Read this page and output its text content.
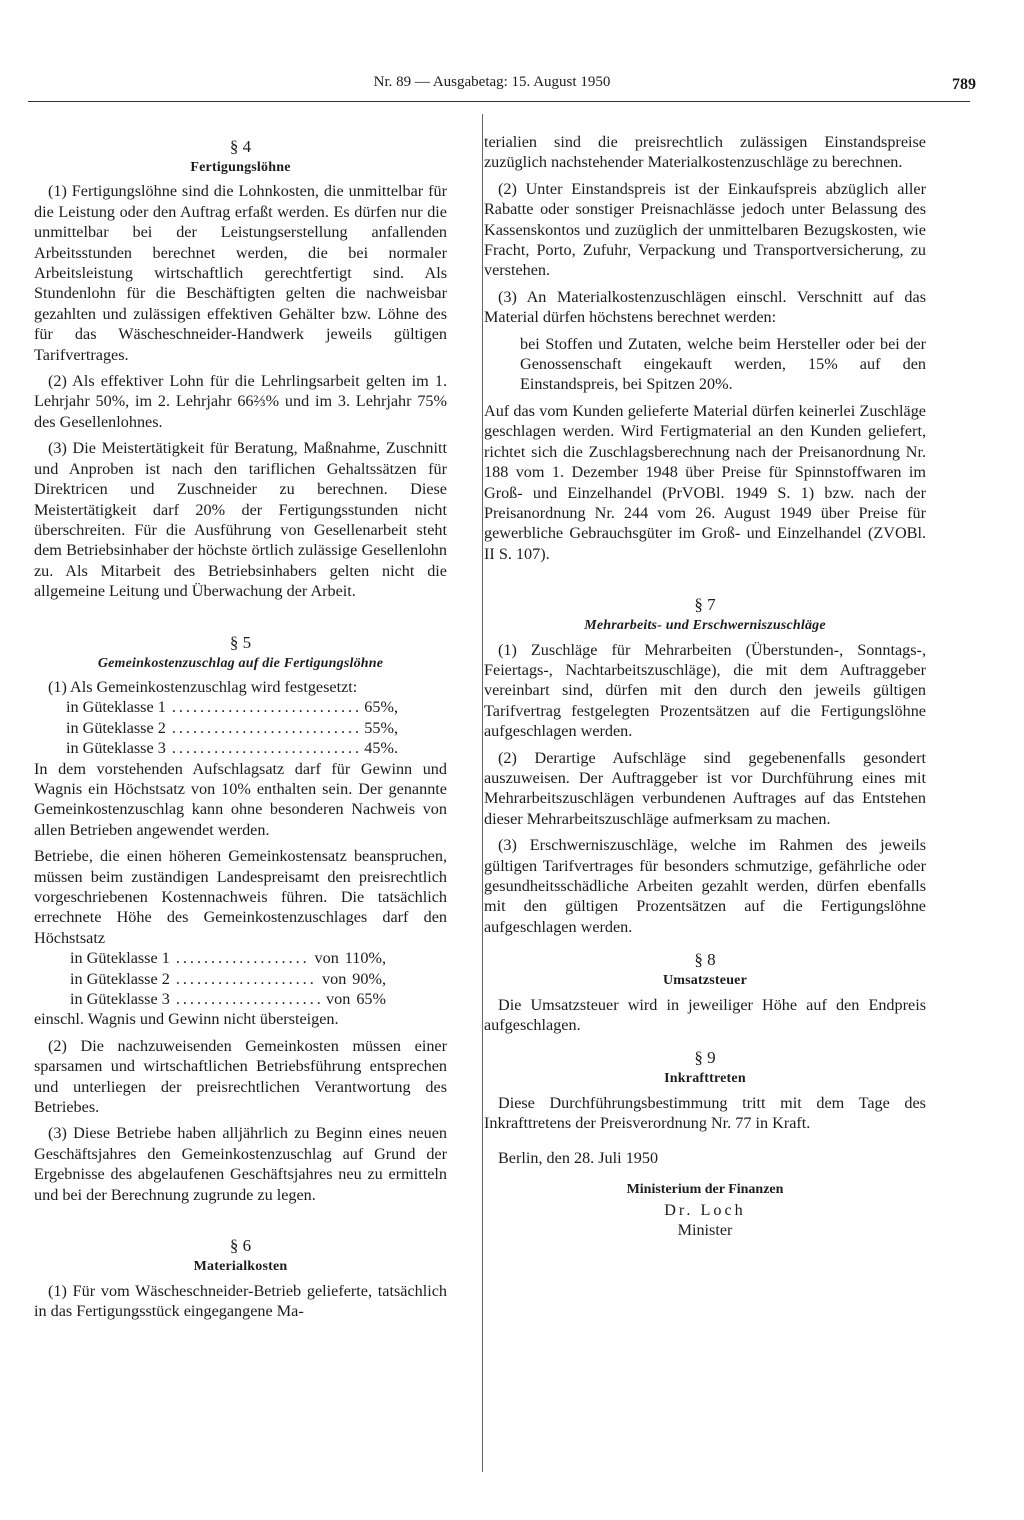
Nr. 89 — Ausgabetag: 15. August 1950	789
§ 4
Fertigungslöhne

(1) Fertigungslöhne sind die Lohnkosten, die unmittelbar für die Leistung oder den Auftrag erfaßt werden. Es dürfen nur die unmittelbar bei der Leistungserstellung anfallenden Arbeitsstunden berechnet werden, die bei normaler Arbeitsleistung wirtschaftlich gerechtfertigt sind. Als Stundenlohn für die Beschäftigten gelten die nachweisbar gezahlten und zulässigen effektiven Gehälter bzw. Löhne des für das Wäscheschneider-Handwerk jeweils gültigen Tarifvertrages.

(2) Als effektiver Lohn für die Lehrlingsarbeit gelten im 1. Lehrjahr 50%, im 2. Lehrjahr 66⅔% und im 3. Lehrjahr 75% des Gesellenlohnes.

(3) Die Meistertätigkeit für Beratung, Maßnahme, Zuschnitt und Anproben ist nach den tariflichen Gehaltssätzen für Direktricen und Zuschneider zu berechnen. Diese Meistertätigkeit darf 20% der Fertigungsstunden nicht überschreiten. Für die Ausführung von Gesellenarbeit steht dem Betriebsinhaber der höchste örtlich zulässige Gesellenlohn zu. Als Mitarbeit des Betriebsinhabers gelten nicht die allgemeine Leitung und Überwachung der Arbeit.

§ 5
Gemeinkostenzuschlag auf die Fertigungslöhne

(1) Als Gemeinkostenzuschlag wird festgesetzt:

in Güteklasse 1 .....	65%,
in Güteklasse 2 .....	55%,
in Güteklasse 3 .....	45%.

In dem vorstehenden Aufschlagsatz darf für Gewinn und Wagnis ein Höchstsatz von 10% enthalten sein. Der genannte Gemeinkostenzuschlag kann ohne besonderen Nachweis von allen Betrieben angewendet werden.

Betriebe, die einen höheren Gemeinkostensatz beanspruchen, müssen beim zuständigen Landespreisamt den preisrechtlich vorgeschriebenen Kostennachweis führen. Die tatsächlich errechnete Höhe des Gemeinkostenzuschlages darf den Höchstsatz

in Güteklasse 1 .....	von 110%,
in Güteklasse 2 .....	von 90%,
in Güteklasse 3 .....	von 65%

einschl. Wagnis und Gewinn nicht übersteigen.

(2) Die nachzuweisenden Gemeinkosten müssen einer sparsamen und wirtschaftlichen Betriebsführung entsprechen und unterliegen der preisrechtlichen Verantwortung des Betriebes.

(3) Diese Betriebe haben alljährlich zu Beginn eines neuen Geschäftsjahres den Gemeinkostenzuschlag auf Grund der Ergebnisse des abgelaufenen Geschäftsjahres neu zu ermitteln und bei der Berechnung zugrunde zu legen.

§ 6
Materialkosten

(1) Für vom Wäscheschneider-Betrieb gelieferte, tatsächlich in das Fertigungsstück eingegangene Ma-

terialien sind die preisrechtlich zulässigen Einstandspreise zuzüglich nachstehender Materialkostenzuschläge zu berechnen.

(2) Unter Einstandspreis ist der Einkaufspreis abzüglich aller Rabatte oder sonstiger Preisnachlässe jedoch unter Belassung des Kassenskontos und zuzüglich der unmittelbaren Bezugskosten, wie Fracht, Porto, Zufuhr, Verpackung und Transportversicherung, zu verstehen.

(3) An Materialkostenzuschlägen einschl. Verschnitt auf das Material dürfen höchstens berechnet werden:

bei Stoffen und Zutaten, welche beim Hersteller oder bei der Genossenschaft eingekauft werden, 15% auf den Einstandspreis, bei Spitzen 20%.

Auf das vom Kunden gelieferte Material dürfen keinerlei Zuschläge geschlagen werden. Wird Fertigmaterial an den Kunden geliefert, richtet sich die Zuschlagsberechnung nach der Preisanordnung Nr. 188 vom 1. Dezember 1948 über Preise für Spinnstoffwaren im Groß- und Einzelhandel (PrVOBl. 1949 S. 1) bzw. nach der Preisanordnung Nr. 244 vom 26. August 1949 über Preise für gewerbliche Gebrauchsgüter im Groß- und Einzelhandel (ZVOBl. II S. 107).

§ 7
Mehrarbeits- und Erschwerniszuschläge

(1) Zuschläge für Mehrarbeiten (Überstunden-, Sonntags-, Feiertags-, Nachtarbeitszuschläge), die mit dem Auftraggeber vereinbart sind, dürfen mit den durch den jeweils gültigen Tarifvertrag festgelegten Prozentsätzen auf die Fertigungslöhne aufgeschlagen werden.

(2) Derartige Aufschläge sind gegebenenfalls gesondert auszuweisen. Der Auftraggeber ist vor Durchführung eines mit Mehrarbeitszuschlägen verbundenen Auftrages auf das Entstehen dieser Mehrarbeitszuschläge aufmerksam zu machen.

(3) Erschwerniszuschläge, welche im Rahmen des jeweils gültigen Tarifvertrages für besonders schmutzige, gefährliche oder gesundheitsschädliche Arbeiten gezahlt werden, dürfen ebenfalls mit den gültigen Prozentsätzen auf die Fertigungslöhne aufgeschlagen werden.

§ 8
Umsatzsteuer

Die Umsatzsteuer wird in jeweiliger Höhe auf den Endpreis aufgeschlagen.

§ 9
Inkrafttreten

Diese Durchführungsbestimmung tritt mit dem Tage des Inkrafttretens der Preisverordnung Nr. 77 in Kraft.

Berlin, den 28. Juli 1950

Ministerium der Finanzen
Dr. Loch
Minister
